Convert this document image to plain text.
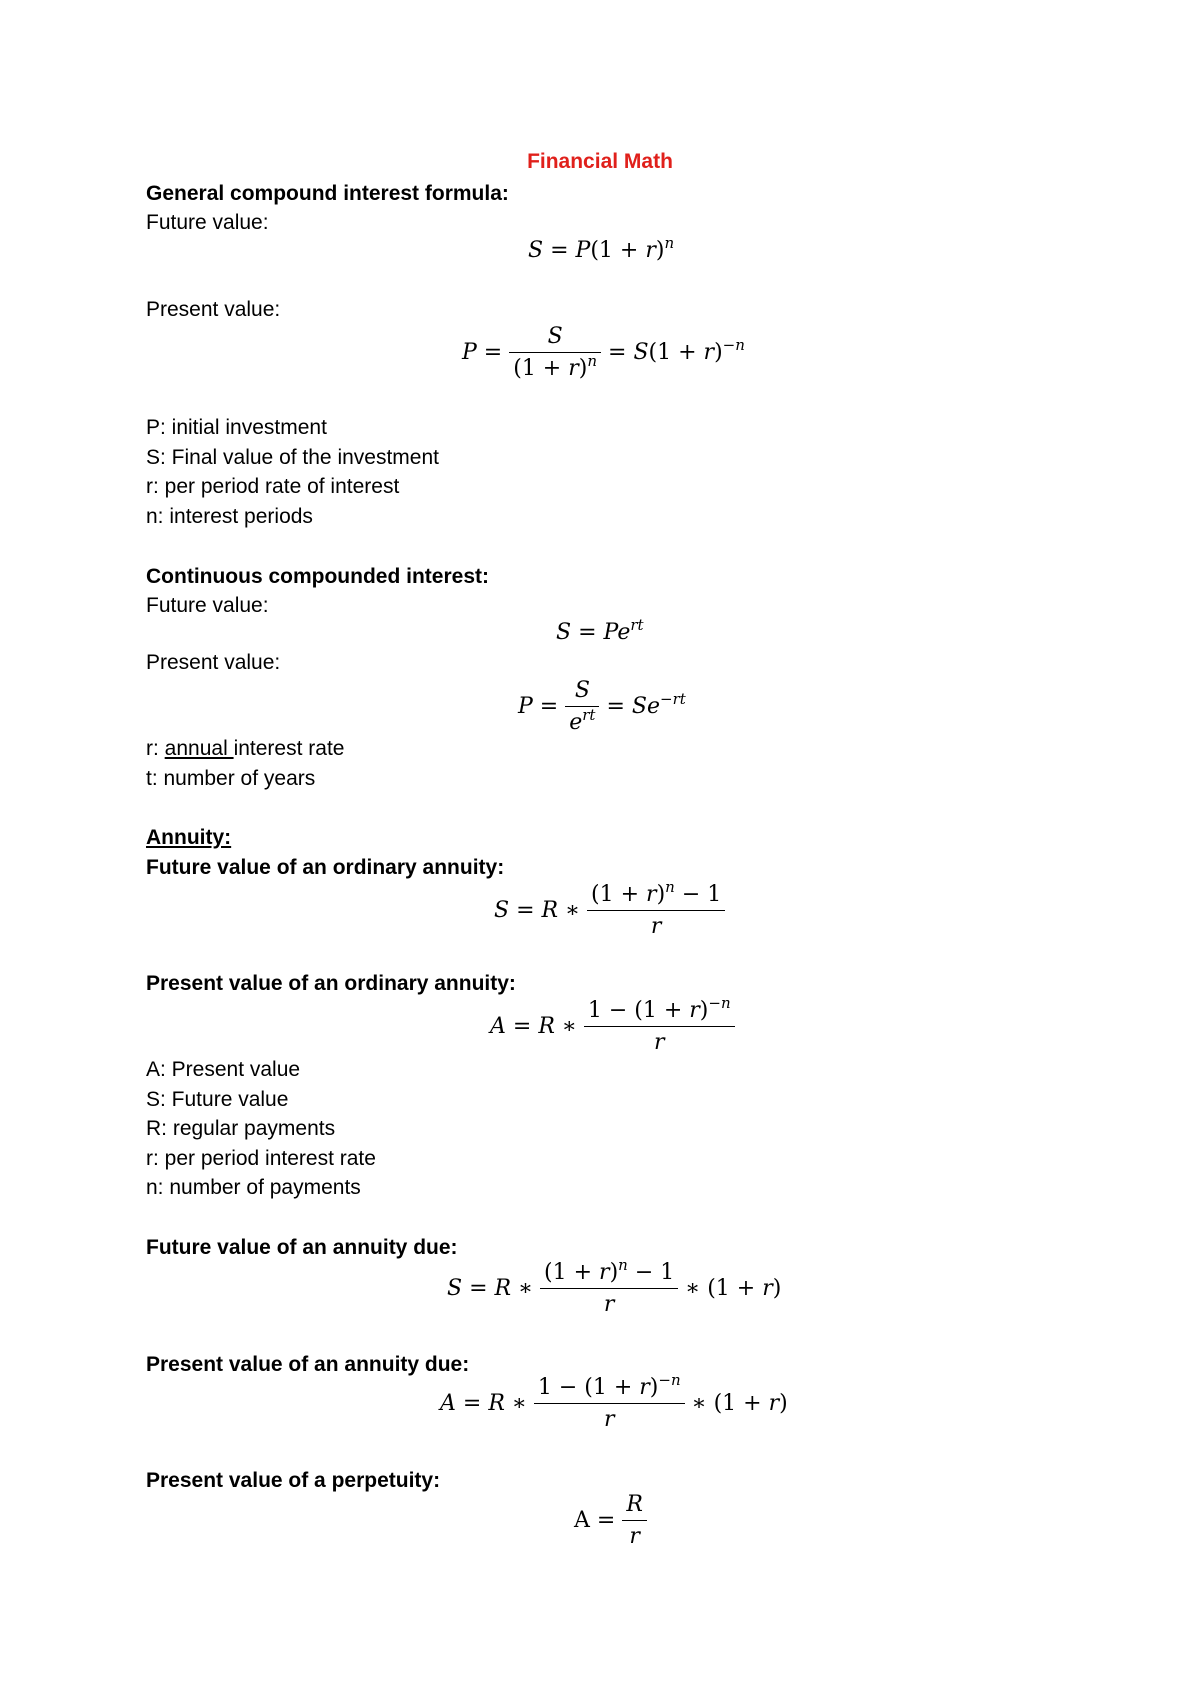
Financial Math
General compound interest formula:
Future value:
$S = P(1 + r)^n$
Present value:
$P = \frac{S}{(1 + r)^n} = S(1 + r)^{-n}$
P: initial investment
S: Final value of the investment
r: per period rate of interest
n: interest periods
Continuous compounded interest:
Future value:
$S = Pe^{rt}$
Present value:
$P = \frac{S}{e^{rt}} = Se^{-rt}$
r: annual interest rate
t: number of years
Annuity:
Future value of an ordinary annuity:
S = R ∗ $\frac{(1 + r)^n - 1}{r}$
Present value of an ordinary annuity:
A = R ∗ $\frac{1 - (1 + r)^{-n}}{r}$
A: Present value
S: Future value
R: regular payments
r: per period interest rate
n: number of payments
Future value of an annuity due:
S = R ∗ $\frac{(1 + r)^n - 1}{r}$ ∗ (1 + r)
Present value of an annuity due:
A = R ∗ $\frac{1 - (1 + r)^{-n}}{r}$ ∗ (1 + r)
Present value of a perpetuity:
$A = \frac{R}{r}$
